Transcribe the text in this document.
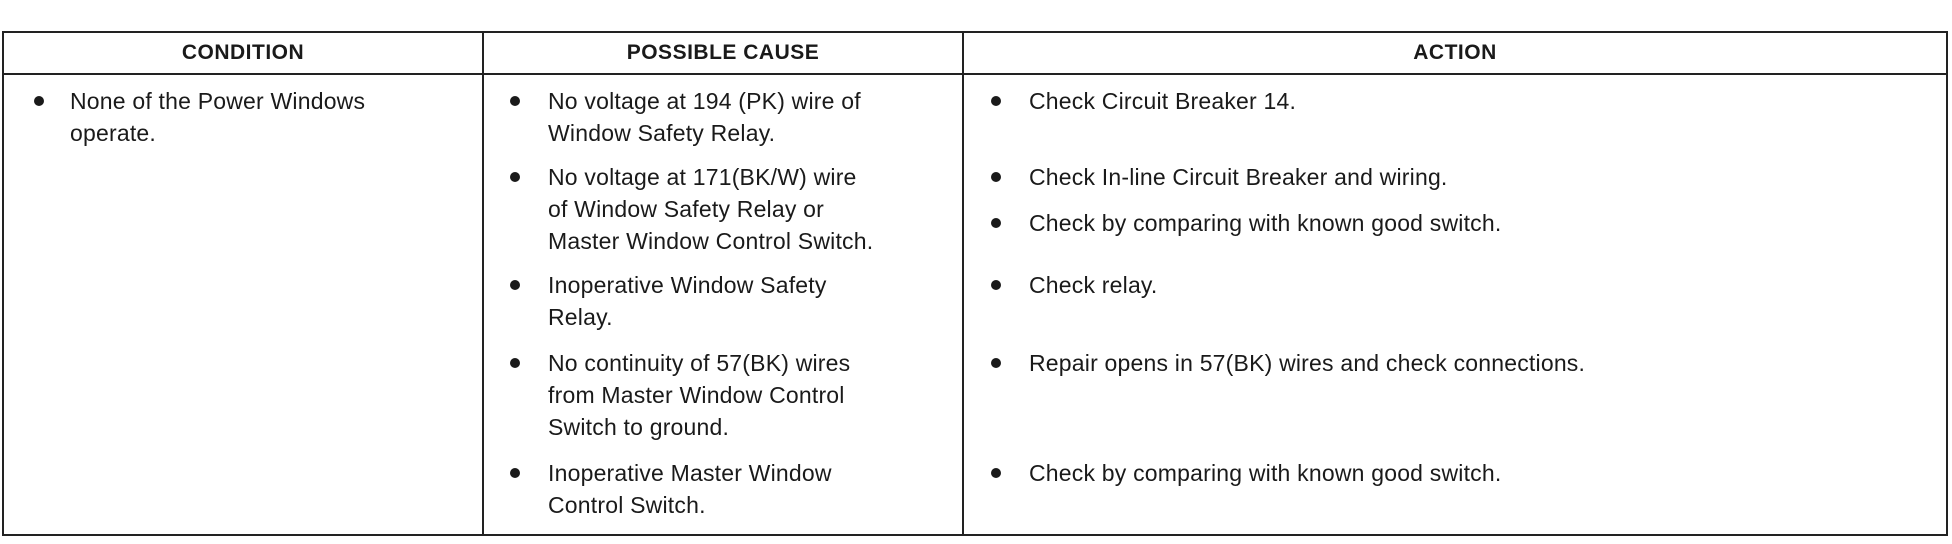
CONDITION	POSSIBLE CAUSE	ACTION
None of the Power Windows
operate.
No voltage at 194 (PK) wire of
Window Safety Relay.
No voltage at 171(BK/W) wire
of Window Safety Relay or
Master Window Control Switch.
Inoperative Window Safety
Relay.
No continuity of 57(BK) wires
from Master Window Control
Switch to ground.
Inoperative Master Window
Control Switch.
Check Circuit Breaker 14.
Check In-line Circuit Breaker and wiring.
Check by comparing with known good switch.
Check relay.
Repair opens in 57(BK) wires and check connections.
Check by comparing with known good switch.
